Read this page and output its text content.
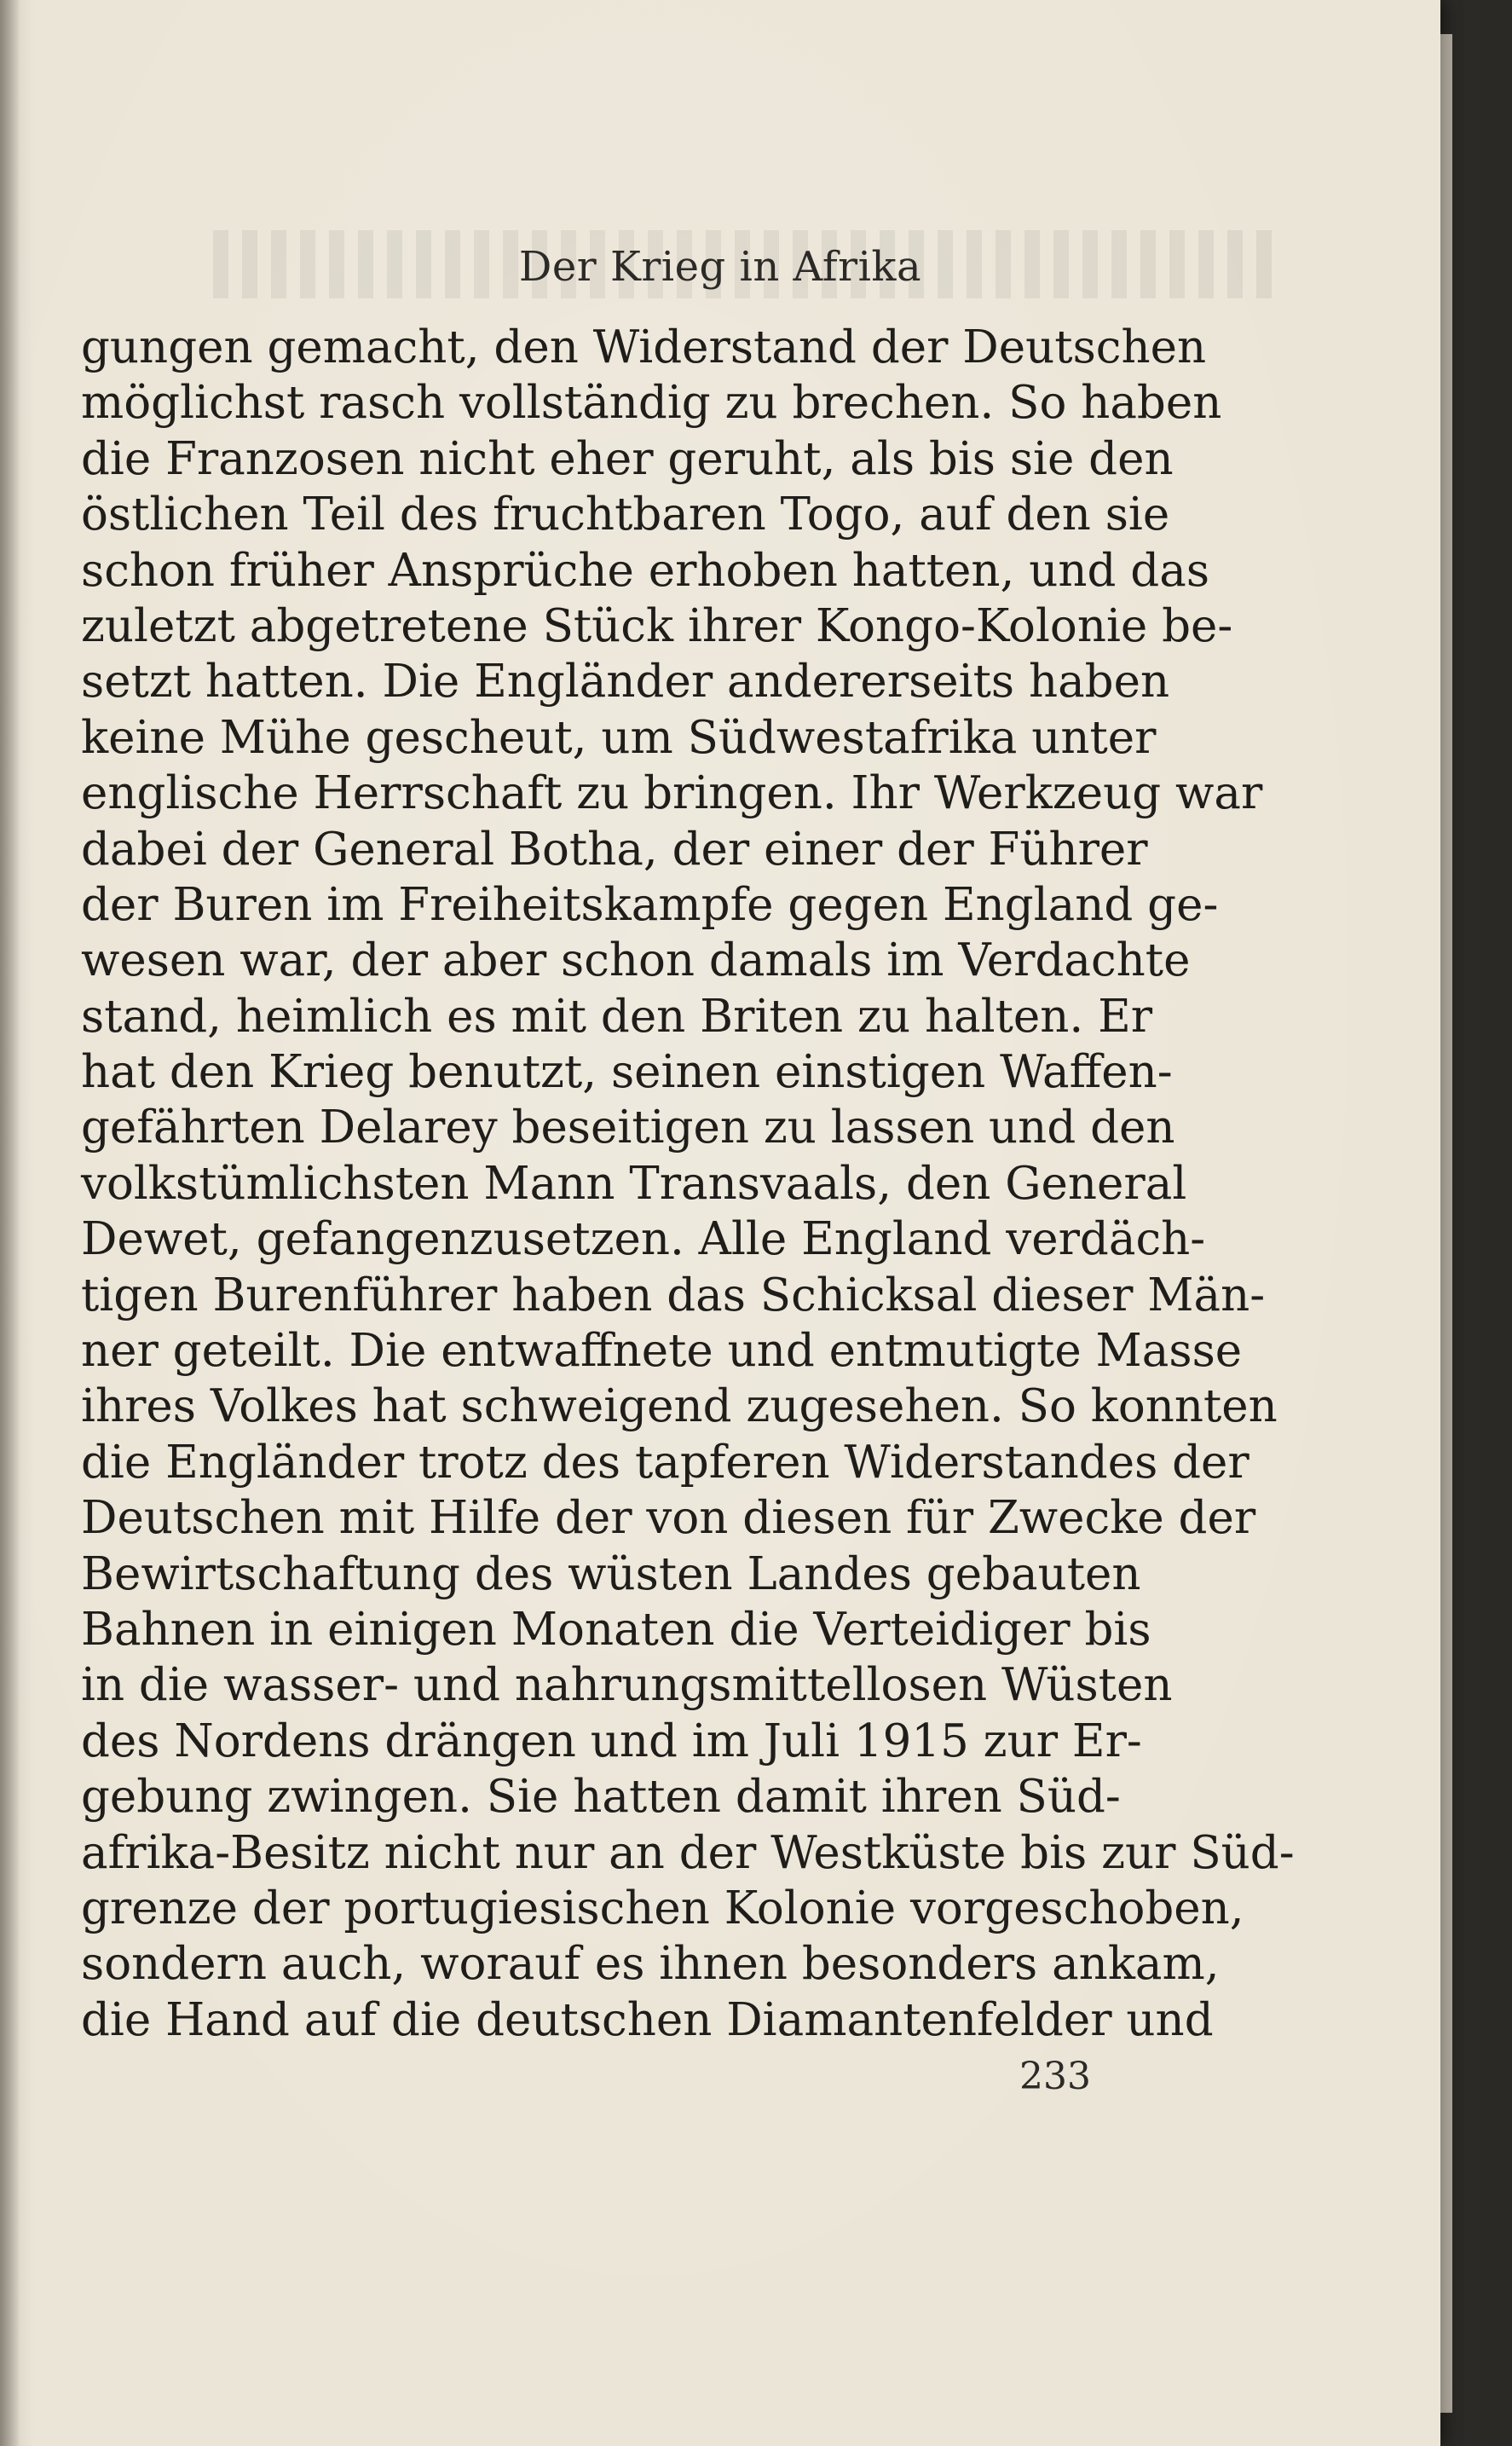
Der Krieg in Afrika
gungen gemacht, den Widerstand der Deutschen
möglichst rasch vollständig zu brechen. So haben
die Franzosen nicht eher geruht, als bis sie den
östlichen Teil des fruchtbaren Togo, auf den sie
schon früher Ansprüche erhoben hatten, und das
zuletzt abgetretene Stück ihrer Kongo-Kolonie be-
setzt hatten. Die Engländer andererseits haben
keine Mühe gescheut, um Südwestafrika unter
englische Herrschaft zu bringen. Ihr Werkzeug war
dabei der General Botha, der einer der Führer
der Buren im Freiheitskampfe gegen England ge-
wesen war, der aber schon damals im Verdachte
stand, heimlich es mit den Briten zu halten. Er
hat den Krieg benutzt, seinen einstigen Waffen-
gefährten Delarey beseitigen zu lassen und den
volkstümlichsten Mann Transvaals, den General
Dewet, gefangenzusetzen. Alle England verdäch-
tigen Burenführer haben das Schicksal dieser Män-
ner geteilt. Die entwaffnete und entmutigte Masse
ihres Volkes hat schweigend zugesehen. So konnten
die Engländer trotz des tapferen Widerstandes der
Deutschen mit Hilfe der von diesen für Zwecke der
Bewirtschaftung des wüsten Landes gebauten
Bahnen in einigen Monaten die Verteidiger bis
in die wasser- und nahrungsmittellosen Wüsten
des Nordens drängen und im Juli 1915 zur Er-
gebung zwingen. Sie hatten damit ihren Süd-
afrika-Besitz nicht nur an der Westküste bis zur Süd-
grenze der portugiesischen Kolonie vorgeschoben,
sondern auch, worauf es ihnen besonders ankam,
die Hand auf die deutschen Diamantenfelder und
233
